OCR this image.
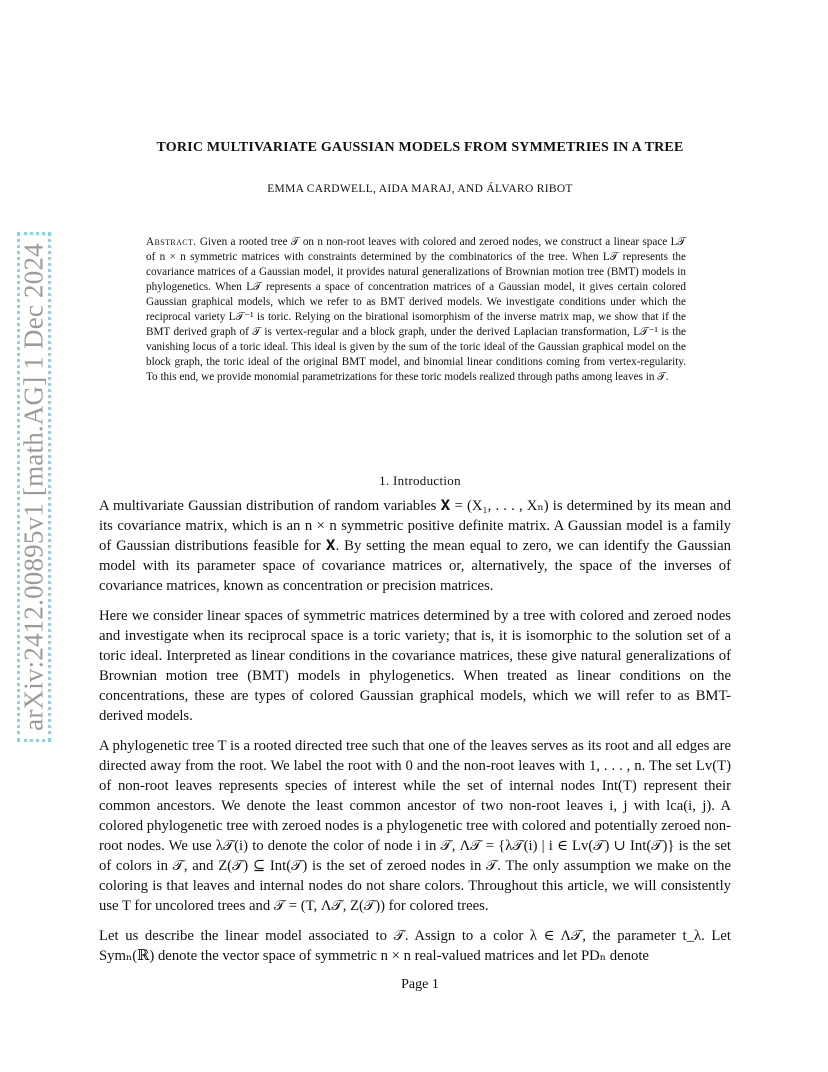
arXiv:2412.00895v1 [math.AG] 1 Dec 2024
TORIC MULTIVARIATE GAUSSIAN MODELS FROM SYMMETRIES IN A TREE
EMMA CARDWELL, AIDA MARAJ, AND ÁLVARO RIBOT
Abstract. Given a rooted tree 𝒯 on n non-root leaves with colored and zeroed nodes, we construct a linear space L𝒯 of n × n symmetric matrices with constraints determined by the combinatorics of the tree. When L𝒯 represents the covariance matrices of a Gaussian model, it provides natural generalizations of Brownian motion tree (BMT) models in phylogenetics. When L𝒯 represents a space of concentration matrices of a Gaussian model, it gives certain colored Gaussian graphical models, which we refer to as BMT derived models. We investigate conditions under which the reciprocal variety L𝒯⁻¹ is toric. Relying on the birational isomorphism of the inverse matrix map, we show that if the BMT derived graph of 𝒯 is vertex-regular and a block graph, under the derived Laplacian transformation, L𝒯⁻¹ is the vanishing locus of a toric ideal. This ideal is given by the sum of the toric ideal of the Gaussian graphical model on the block graph, the toric ideal of the original BMT model, and binomial linear conditions coming from vertex-regularity. To this end, we provide monomial parametrizations for these toric models realized through paths among leaves in 𝒯.
1. Introduction

A multivariate Gaussian distribution of random variables 𝐗 = (X₁, . . . , Xₙ) is determined by its mean and its covariance matrix, which is an n × n symmetric positive definite matrix. A Gaussian model is a family of Gaussian distributions feasible for 𝐗. By setting the mean equal to zero, we can identify the Gaussian model with its parameter space of covariance matrices or, alternatively, the space of the inverses of covariance matrices, known as concentration or precision matrices.

Here we consider linear spaces of symmetric matrices determined by a tree with colored and zeroed nodes and investigate when its reciprocal space is a toric variety; that is, it is isomorphic to the solution set of a toric ideal. Interpreted as linear conditions in the covariance matrices, these give natural generalizations of Brownian motion tree (BMT) models in phylogenetics. When treated as linear conditions on the concentrations, these are types of colored Gaussian graphical models, which we will refer to as BMT-derived models.

A phylogenetic tree T is a rooted directed tree such that one of the leaves serves as its root and all edges are directed away from the root. We label the root with 0 and the non-root leaves with 1, . . . , n. The set Lv(T) of non-root leaves represents species of interest while the set of internal nodes Int(T) represent their common ancestors. We denote the least common ancestor of two non-root leaves i, j with lca(i, j). A colored phylogenetic tree with zeroed nodes is a phylogenetic tree with colored and potentially zeroed non-root nodes. We use λ𝒯(i) to denote the color of node i in 𝒯, Λ𝒯 = {λ𝒯(i) | i ∈ Lv(𝒯) ∪ Int(𝒯)} is the set of colors in 𝒯, and Z(𝒯) ⊆ Int(𝒯) is the set of zeroed nodes in 𝒯. The only assumption we make on the coloring is that leaves and internal nodes do not share colors. Throughout this article, we will consistently use T for uncolored trees and 𝒯 = (T, Λ𝒯, Z(𝒯)) for colored trees.

Let us describe the linear model associated to 𝒯. Assign to a color λ ∈ Λ𝒯, the parameter t_λ. Let Symₙ(ℝ) denote the vector space of symmetric n × n real-valued matrices and let PDₙ denote

Page 1
